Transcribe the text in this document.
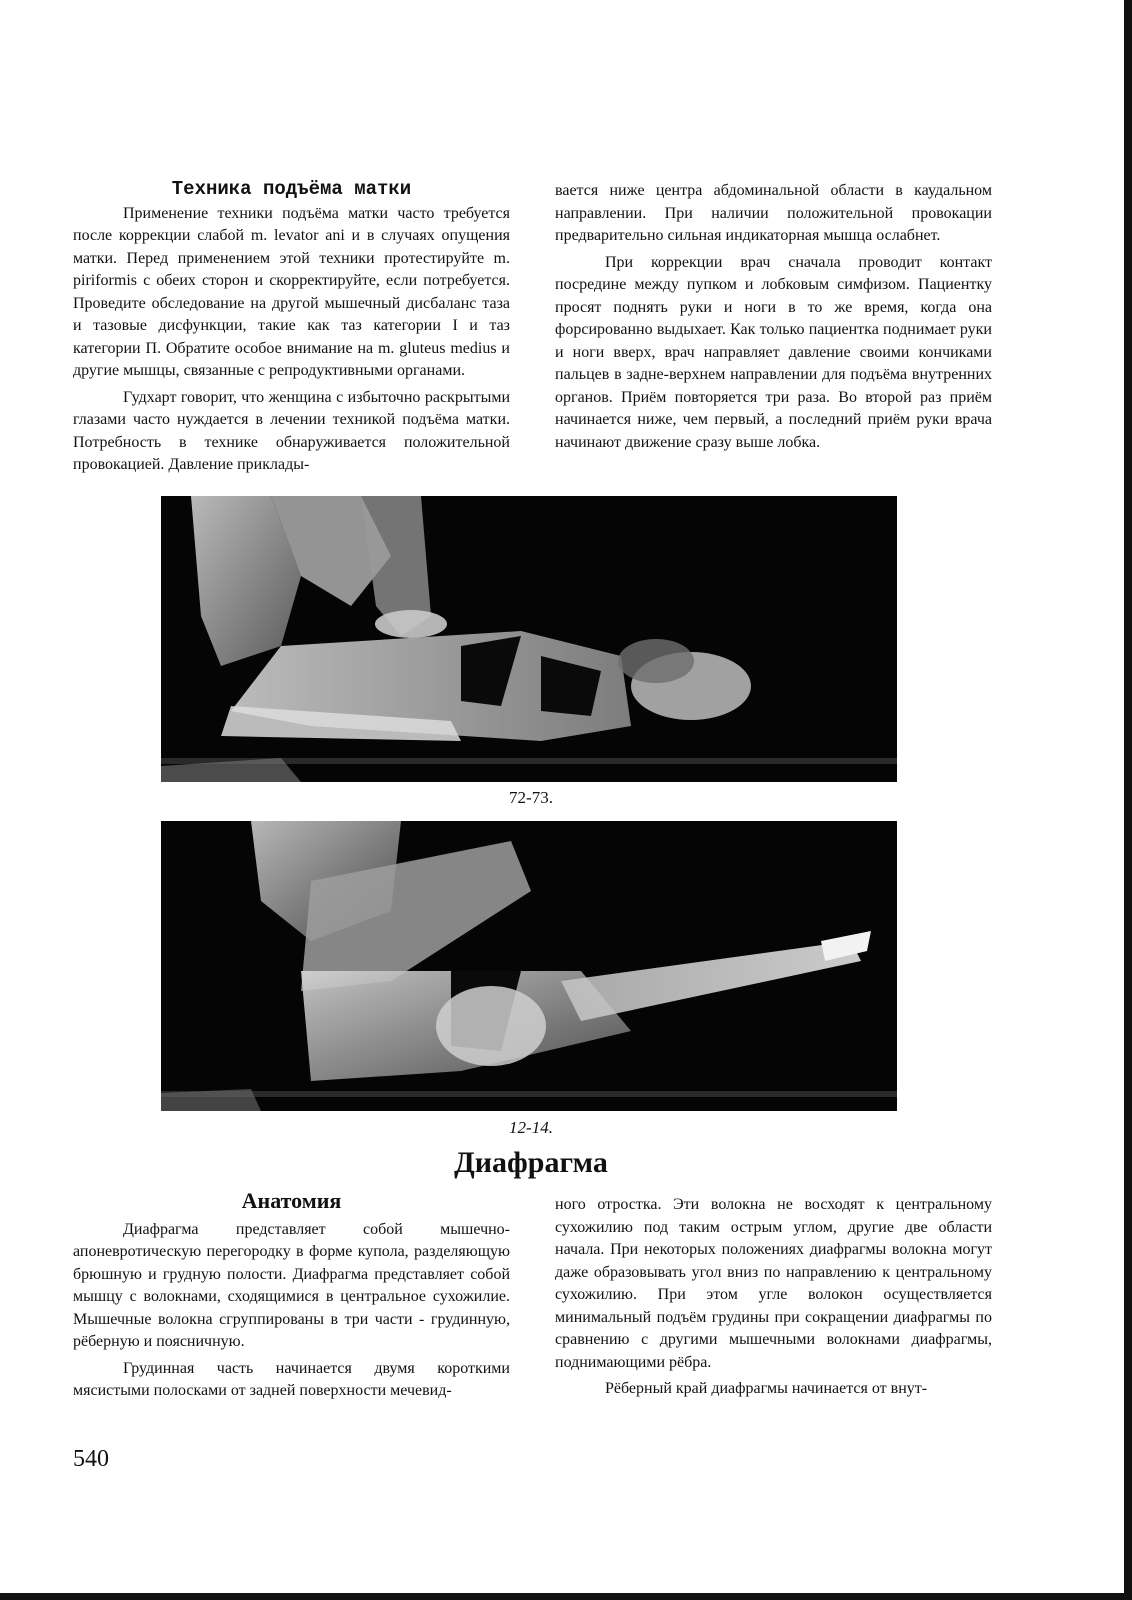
Техника подъёма матки

Применение техники подъёма матки часто требуется после коррекции слабой m. levator ani и в случаях опущения матки. Перед применением этой техники протестируйте m. piriformis с обеих сторон и скорректируйте, если потребуется. Проведите обследование на другой мышечный дисбаланс таза и тазовые дисфункции, такие как таз категории I и таз категории П. Обратите особое внимание на m. gluteus medius и другие мышцы, связанные с репродуктивными органами.

Гудхарт говорит, что женщина с избыточно раскрытыми глазами часто нуждается в лечении техникой подъёма матки. Потребность в технике обнаруживается положительной провокацией. Давление приклады-

вается ниже центра абдоминальной области в каудальном направлении. При наличии положительной провокации предварительно сильная индикаторная мышца ослабнет.

При коррекции врач сначала проводит контакт посредине между пупком и лобковым симфизом. Пациентку просят поднять руки и ноги в то же время, когда она форсированно выдыхает. Как только пациентка поднимает руки и ноги вверх, врач направляет давление своими кончиками пальцев в задне-верхнем направлении для подъёма внутренних органов. Приём повторяется три раза. Во второй раз приём начинается ниже, чем первый, а последний приём руки врача начинают движение сразу выше лобка.

72-73.
12-14.
Диафрагма
Анатомия

Диафрагма представляет собой мышечно-апоневротическую перегородку в форме купола, разделяющую брюшную и грудную полости. Диафрагма представляет собой мышцу с волокнами, сходящимися в центральное сухожилие. Мышечные волокна сгруппированы в три части - грудинную, рёберную и поясничную.

Грудинная часть начинается двумя короткими мясистыми полосками от задней поверхности мечевид-

ного отростка. Эти волокна не восходят к центральному сухожилию под таким острым углом, другие две области начала. При некоторых положениях диафрагмы волокна могут даже образовывать угол вниз по направлению к центральному сухожилию. При этом угле волокон осуществляется минимальный подъём грудины при сокращении диафрагмы по сравнению с другими мышечными волокнами диафрагмы, поднимающими рёбра.

Рёберный край диафрагмы начинается от внут-

540
